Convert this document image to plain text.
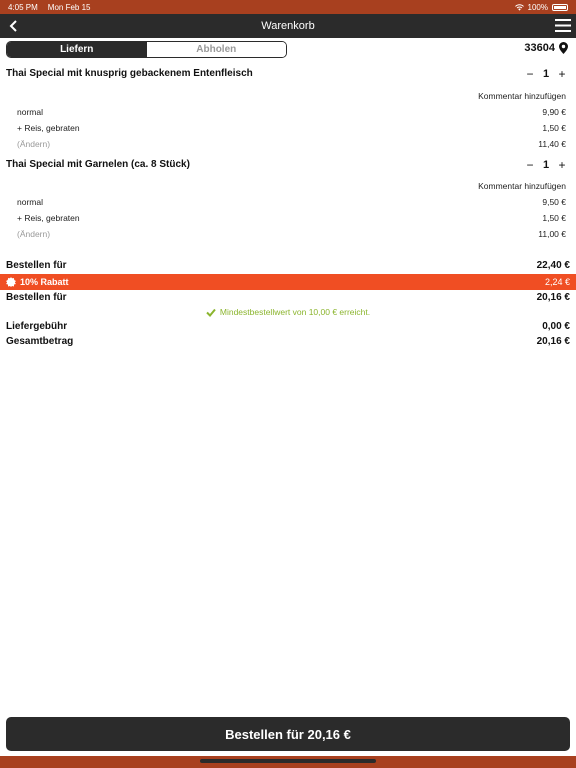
4:05 PM Mon Feb 15	100%
Warenkorb
Liefern	Abholen	33604
Thai Special mit knusprig gebackenem Entenfleisch	− 1 +
Kommentar hinzufügen
normal	9,90 €
+ Reis, gebraten	1,50 €
(Ändern)	11,40 €
Thai Special mit Garnelen (ca. 8 Stück)	− 1 +
Kommentar hinzufügen
normal	9,50 €
+ Reis, gebraten	1,50 €
(Ändern)	11,00 €
Bestellen für	22,40 €
10% Rabatt	2,24 €
Bestellen für	20,16 €
Mindestbestellwert von 10,00 € erreicht.
Liefergebühr	0,00 €
Gesamtbetrag	20,16 €
Bestellen für 20,16 €
